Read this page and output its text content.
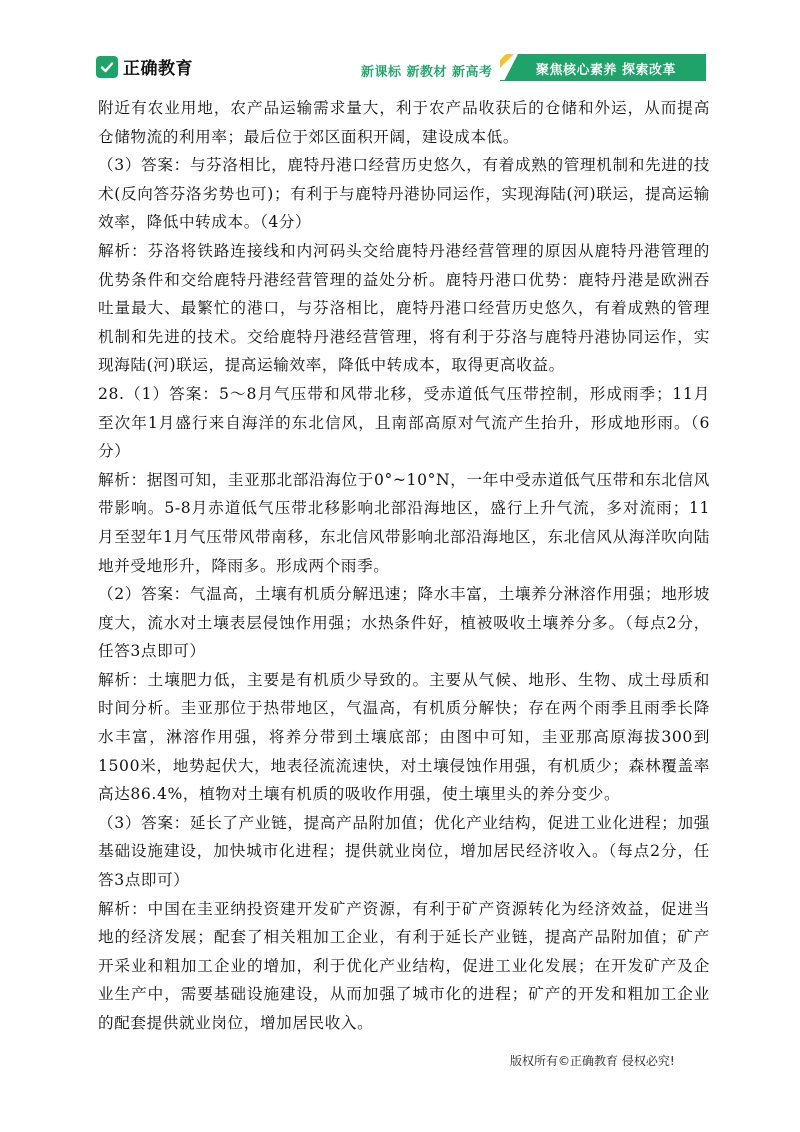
正确教育	新课标 新教材 新高考	聚焦核心素养 探索改革

附近有农业用地，农产品运输需求量大，利于农产品收获后的仓储和外运，从而提高仓储物流的利用率；最后位于郊区面积开阔，建设成本低。

（3）答案：与芬洛相比，鹿特丹港口经营历史悠久，有着成熟的管理机制和先进的技术(反向答芬洛劣势也可)；有利于与鹿特丹港协同运作，实现海陆(河)联运，提高运输效率，降低中转成本。（4分）

解析：芬洛将铁路连接线和内河码头交给鹿特丹港经营管理的原因从鹿特丹港管理的优势条件和交给鹿特丹港经营管理的益处分析。鹿特丹港口优势：鹿特丹港是欧洲吞吐量最大、最繁忙的港口，与芬洛相比，鹿特丹港口经营历史悠久，有着成熟的管理机制和先进的技术。交给鹿特丹港经营管理，将有利于芬洛与鹿特丹港协同运作，实现海陆(河)联运，提高运输效率，降低中转成本，取得更高收益。

28.（1）答案：5～8月气压带和风带北移，受赤道低气压带控制，形成雨季；11月至次年1月盛行来自海洋的东北信风，且南部高原对气流产生抬升，形成地形雨。（6分）

解析：据图可知，圭亚那北部沿海位于0°~10°N，一年中受赤道低气压带和东北信风带影响。5-8月赤道低气压带北移影响北部沿海地区，盛行上升气流，多对流雨；11月至翌年1月气压带风带南移，东北信风带影响北部沿海地区，东北信风从海洋吹向陆地并受地形升，降雨多。形成两个雨季。

（2）答案：气温高，土壤有机质分解迅速；降水丰富，土壤养分淋溶作用强；地形坡度大，流水对土壤表层侵蚀作用强；水热条件好，植被吸收土壤养分多。（每点2分，任答3点即可）

解析：土壤肥力低，主要是有机质少导致的。主要从气候、地形、生物、成土母质和时间分析。圭亚那位于热带地区，气温高，有机质分解快；存在两个雨季且雨季长降水丰富，淋溶作用强，将养分带到土壤底部；由图中可知，圭亚那高原海拔300到1500米，地势起伏大，地表径流流速快，对土壤侵蚀作用强，有机质少；森林覆盖率高达86.4%，植物对土壤有机质的吸收作用强，使土壤里头的养分变少。

（3）答案：延长了产业链，提高产品附加值；优化产业结构，促进工业化进程；加强基础设施建设，加快城市化进程；提供就业岗位，增加居民经济收入。（每点2分，任答3点即可）

解析：中国在圭亚纳投资建开发矿产资源，有利于矿产资源转化为经济效益，促进当地的经济发展；配套了相关粗加工企业，有利于延长产业链，提高产品附加值；矿产开采业和粗加工企业的增加，利于优化产业结构，促进工业化发展；在开发矿产及企业生产中，需要基础设施建设，从而加强了城市化的进程；矿产的开发和粗加工企业的配套提供就业岗位，增加居民收入。

版权所有©正确教育 侵权必究!
